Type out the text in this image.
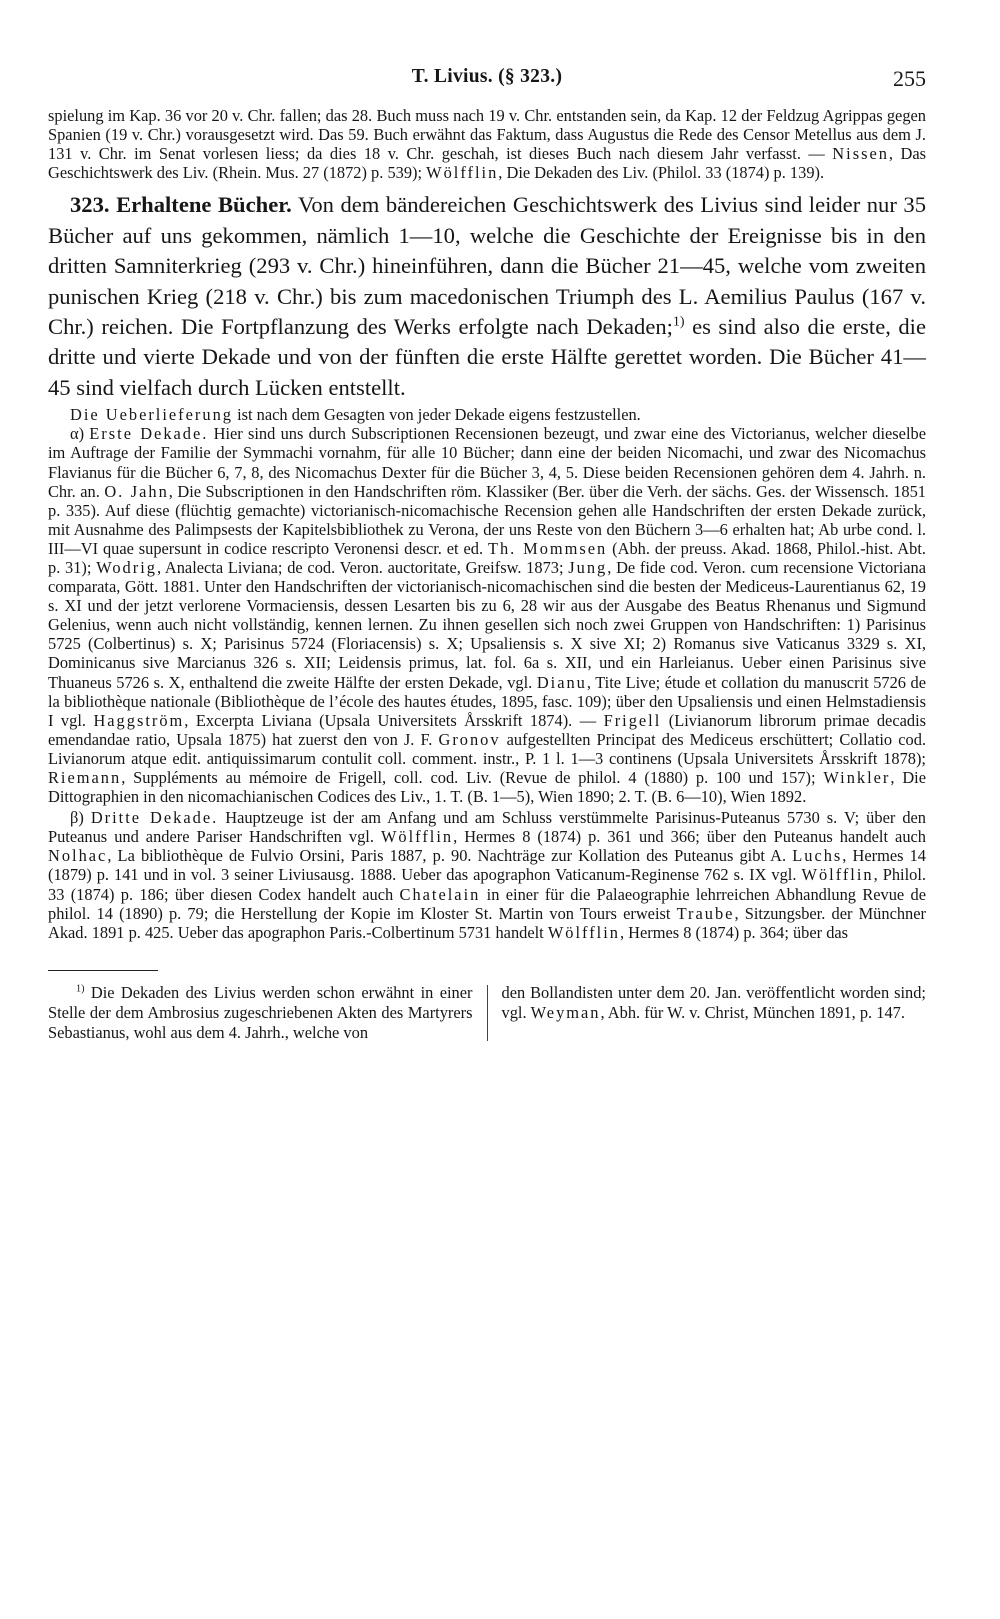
T. Livius. (§ 323.)	255

spielung im Kap. 36 vor 20 v. Chr. fallen; das 28. Buch muss nach 19 v. Chr. entstanden sein, da Kap. 12 der Feldzug Agrippas gegen Spanien (19 v. Chr.) vorausgesetzt wird. Das 59. Buch erwähnt das Faktum, dass Augustus die Rede des Censor Metellus aus dem J. 131 v. Chr. im Senat vorlesen liess; da dies 18 v. Chr. geschah, ist dieses Buch nach diesem Jahr verfasst. — Nissen, Das Geschichtswerk des Liv. (Rhein. Mus. 27 (1872) p. 539); Wölfflin, Die Dekaden des Liv. (Philol. 33 (1874) p. 139).

323. Erhaltene Bücher. Von dem bändereichen Geschichtswerk des Livius sind leider nur 35 Bücher auf uns gekommen, nämlich 1—10, welche die Geschichte der Ereignisse bis in den dritten Samniterkrieg (293 v. Chr.) hineinführen, dann die Bücher 21—45, welche vom zweiten punischen Krieg (218 v. Chr.) bis zum macedonischen Triumph des L. Aemilius Paulus (167 v. Chr.) reichen. Die Fortpflanzung des Werks erfolgte nach Dekaden;$^{1)}$ es sind also die erste, die dritte und vierte Dekade und von der fünften die erste Hälfte gerettet worden. Die Bücher 41—45 sind vielfach durch Lücken entstellt.

Die Ueberlieferung ist nach dem Gesagten von jeder Dekade eigens festzustellen.

α) Erste Dekade. Hier sind uns durch Subscriptionen Recensionen bezeugt, und zwar eine des Victorianus, welcher dieselbe im Auftrage der Familie der Symmachi vornahm, für alle 10 Bücher; dann eine der beiden Nicomachi, und zwar des Nicomachus Flavianus für die Bücher 6, 7, 8, des Nicomachus Dexter für die Bücher 3, 4, 5. Diese beiden Recensionen gehören dem 4. Jahrh. n. Chr. an. O. Jahn, Die Subscriptionen in den Handschriften röm. Klassiker (Ber. über die Verh. der sächs. Ges. der Wissensch. 1851 p. 335). Auf diese (flüchtig gemachte) victorianisch-nicomachische Recension gehen alle Handschriften der ersten Dekade zurück, mit Ausnahme des Palimpsests der Kapitelsbibliothek zu Verona, der uns Reste von den Büchern 3—6 erhalten hat; Ab urbe cond. l. III—VI quae supersunt in codice rescripto Veronensi descr. et ed. Th. Mommsen (Abh. der preuss. Akad. 1868, Philol.-hist. Abt. p. 31); Wodrig, Analecta Liviana; de cod. Veron. auctoritate, Greifsw. 1873; Jung, De fide cod. Veron. cum recensione Victoriana comparata, Gött. 1881. Unter den Handschriften der victorianisch-nicomachischen sind die besten der Mediceus-Laurentianus 62, 19 s. XI und der jetzt verlorene Vormaciensis, dessen Lesarten bis zu 6, 28 wir aus der Ausgabe des Beatus Rhenanus und Sigmund Gelenius, wenn auch nicht vollständig, kennen lernen. Zu ihnen gesellen sich noch zwei Gruppen von Handschriften: 1) Parisinus 5725 (Colbertinus) s. X; Parisinus 5724 (Floriacensis) s. X; Upsaliensis s. X sive XI; 2) Romanus sive Vaticanus 3329 s. XI, Dominicanus sive Marcianus 326 s. XII; Leidensis primus, lat. fol. 6a s. XII, und ein Harleianus. Ueber einen Parisinus sive Thuaneus 5726 s. X, enthaltend die zweite Hälfte der ersten Dekade, vgl. Dianu, Tite Live; étude et collation du manuscrit 5726 de la bibliothèque nationale (Bibliothèque de l’école des hautes études, 1895, fasc. 109); über den Upsaliensis und einen Helmstadiensis I vgl. Haggström, Excerpta Liviana (Upsala Universitets Årsskrift 1874). — Frigell (Livianorum librorum primae decadis emendandae ratio, Upsala 1875) hat zuerst den von J. F. Gronov aufgestellten Principat des Mediceus erschüttert; Collatio cod. Livianorum atque edit. antiquissimarum contulit coll. comment. instr., P. 1 l. 1—3 continens (Upsala Universitets Årsskrift 1878); Riemann, Suppléments au mémoire de Frigell, coll. cod. Liv. (Revue de philol. 4 (1880) p. 100 und 157); Winkler, Die Dittographien in den nicomachianischen Codices des Liv., 1. T. (B. 1—5), Wien 1890; 2. T. (B. 6—10), Wien 1892.

β) Dritte Dekade. Hauptzeuge ist der am Anfang und am Schluss verstümmelte Parisinus-Puteanus 5730 s. V; über den Puteanus und andere Pariser Handschriften vgl. Wölfflin, Hermes 8 (1874) p. 361 und 366; über den Puteanus handelt auch Nolhac, La bibliothèque de Fulvio Orsini, Paris 1887, p. 90. Nachträge zur Kollation des Puteanus gibt A. Luchs, Hermes 14 (1879) p. 141 und in vol. 3 seiner Liviusausg. 1888. Ueber das apographon Vaticanum-Reginense 762 s. IX vgl. Wölfflin, Philol. 33 (1874) p. 186; über diesen Codex handelt auch Chatelain in einer für die Palaeographie lehrreichen Abhandlung Revue de philol. 14 (1890) p. 79; die Herstellung der Kopie im Kloster St. Martin von Tours erweist Traube, Sitzungsber. der Münchner Akad. 1891 p. 425. Ueber das apographon Paris.-Colbertinum 5731 handelt Wölfflin, Hermes 8 (1874) p. 364; über das

$^{1)}$ Die Dekaden des Livius werden schon erwähnt in einer Stelle der dem Ambrosius zugeschriebenen Akten des Martyrers Sebastianus, wohl aus dem 4. Jahrh., welche von
den Bollandisten unter dem 20. Jan. veröffentlicht worden sind; vgl. Weyman, Abh. für W. v. Christ, München 1891, p. 147.
